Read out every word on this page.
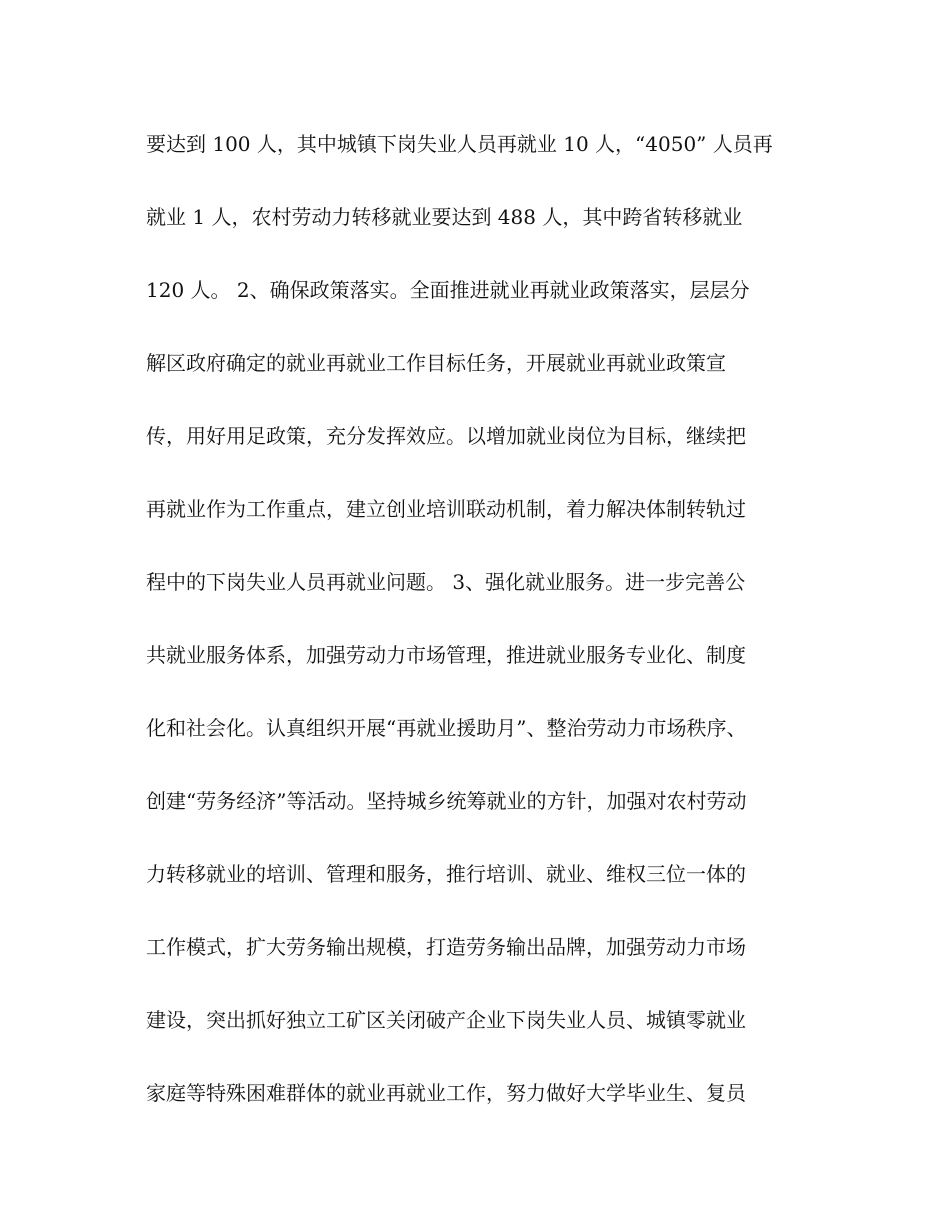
要达到 100 人，其中城镇下岗失业人员再就业 10 人，“4050” 人员再
就业 1 人，农村劳动力转移就业要达到 488 人，其中跨省转移就业
120 人。 2、确保政策落实。全面推进就业再就业政策落实，层层分
解区政府确定的就业再就业工作目标任务，开展就业再就业政策宣
传，用好用足政策，充分发挥效应。以增加就业岗位为目标，继续把
再就业作为工作重点，建立创业培训联动机制，着力解决体制转轨过
程中的下岗失业人员再就业问题。 3、强化就业服务。进一步完善公
共就业服务体系，加强劳动力市场管理，推进就业服务专业化、制度
化和社会化。认真组织开展“再就业援助月”、整治劳动力市场秩序、
创建“劳务经济”等活动。坚持城乡统筹就业的方针，加强对农村劳动
力转移就业的培训、管理和服务，推行培训、就业、维权三位一体的
工作模式，扩大劳务输出规模，打造劳务输出品牌，加强劳动力市场
建设，突出抓好独立工矿区关闭破产企业下岗失业人员、城镇零就业
家庭等特殊困难群体的就业再就业工作，努力做好大学毕业生、复员
